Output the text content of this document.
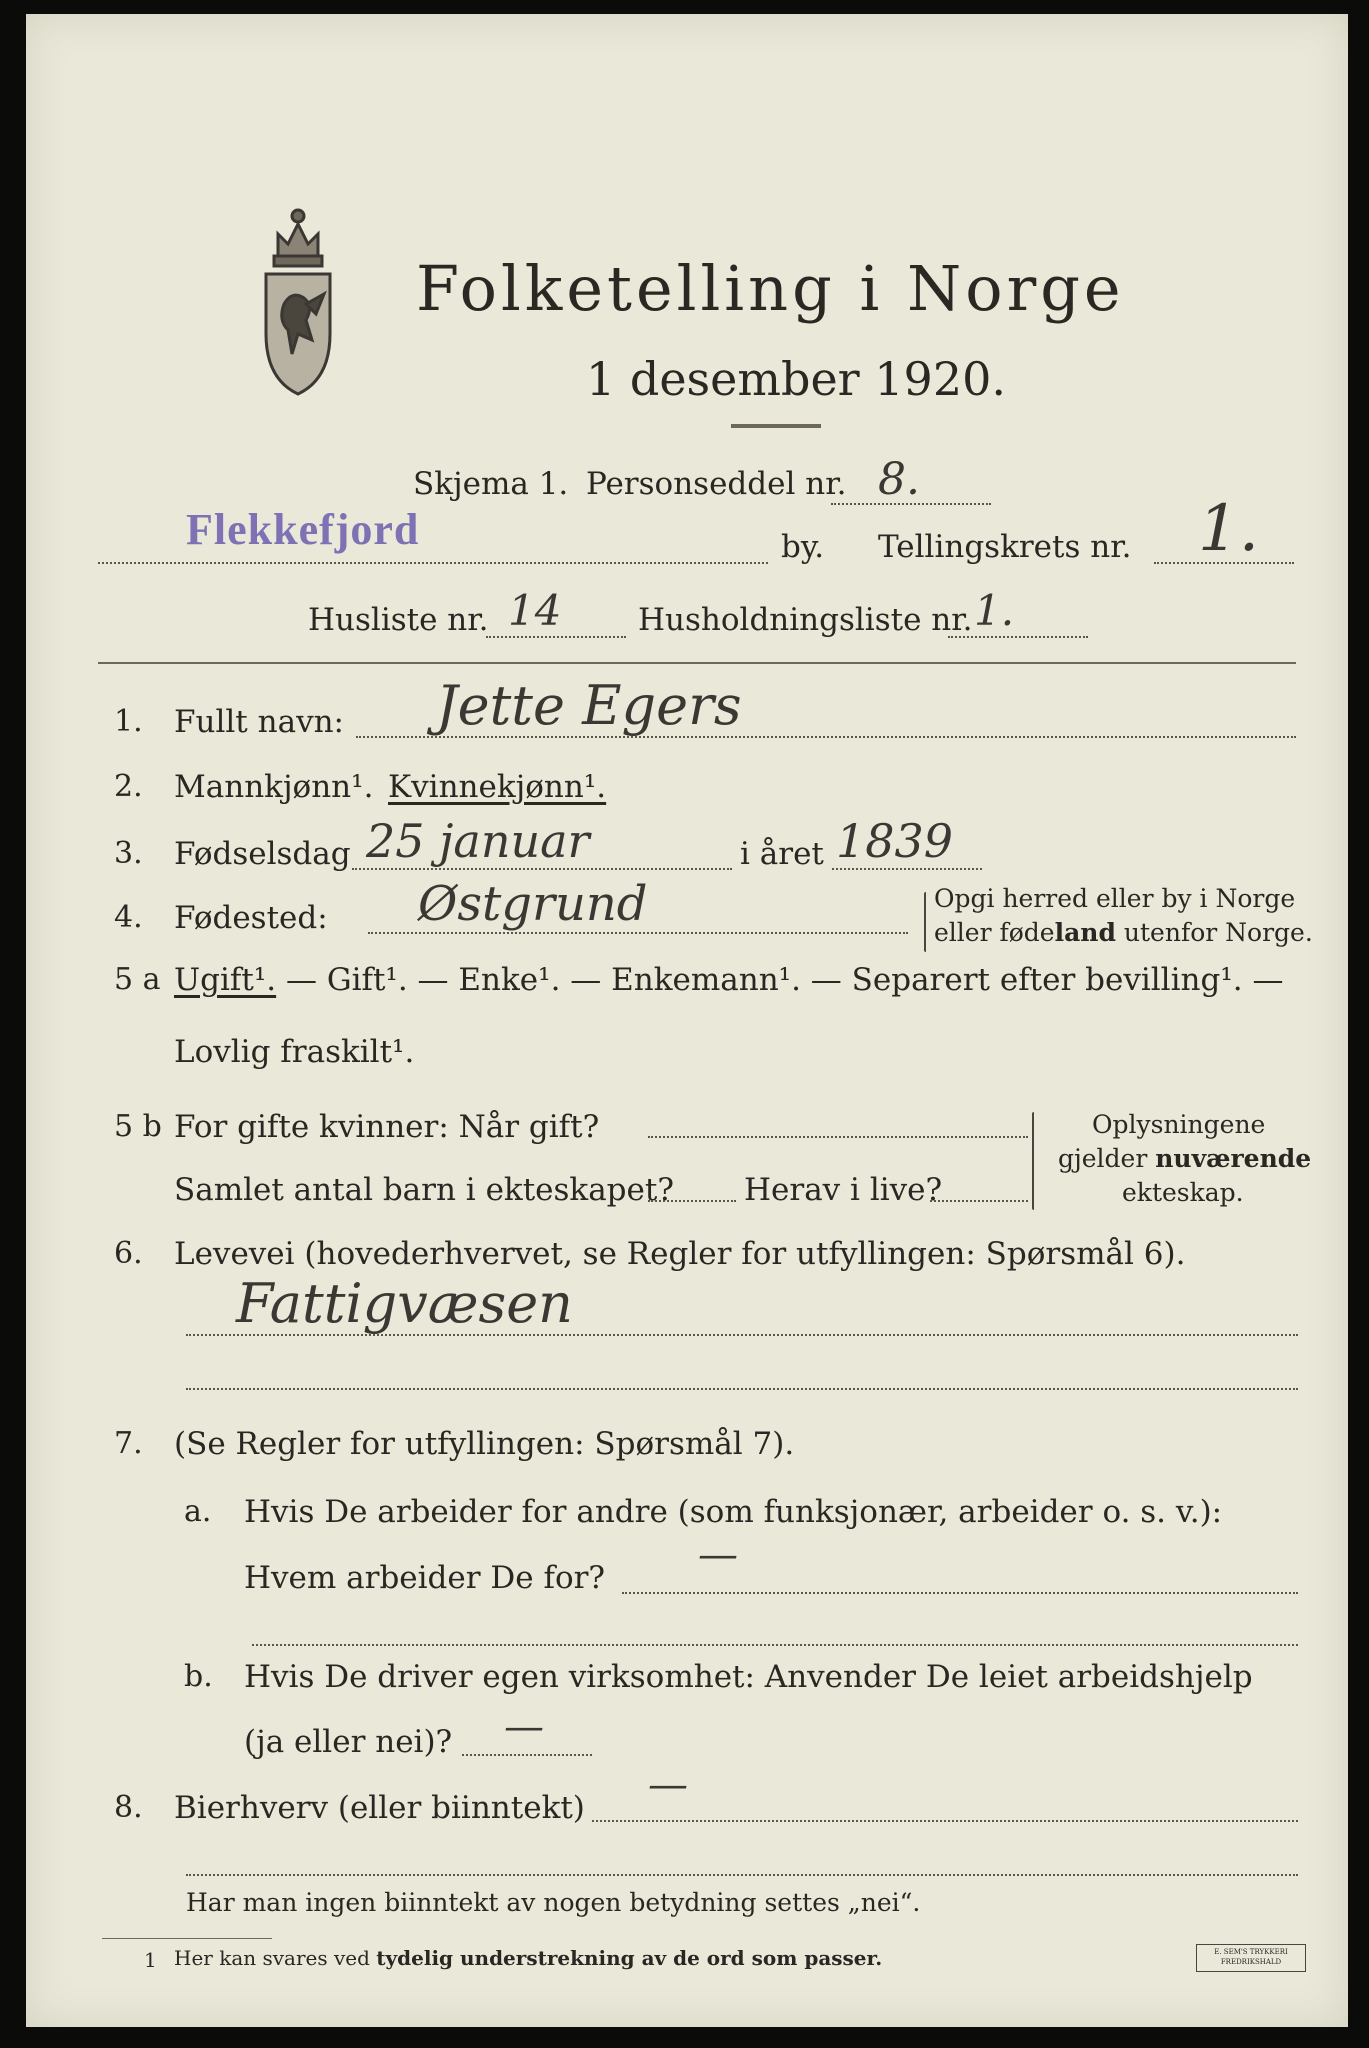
Folketelling i Norge
1 desember 1920.
Skjema 1. Personseddel nr. 8.
Flekkefjord	by. Tellingskrets nr. 1.
Husliste nr. 14 Husholdningsliste nr. 1.
1. Fullt navn: Jette Egers
2. Mannkjønn¹. Kvinnekjønn¹.
3. Fødselsdag 25 januar	i året 1839
4. Fødested: Østgrund	Opgi herred eller by i Norge
eller fødeland utenfor Norge.
5 a Ugift¹. — Gift¹. — Enke¹. — Enkemann¹. — Separert efter bevilling¹. —
Lovlig fraskilt¹.
5 b For gifte kvinner: Når gift?
Samlet antal barn i ekteskapet? Herav i live?
Oplysningene
gjelder nuværende
ekteskap.
6. Levevei (hovederhvervet, se Regler for utfyllingen: Spørsmål 6).
Fattigvæsen
7. (Se Regler for utfyllingen: Spørsmål 7).
a. Hvis De arbeider for andre (som funksjonær, arbeider o. s. v.):
Hvem arbeider De for? —
b. Hvis De driver egen virksomhet: Anvender De leiet arbeidshjelp
(ja eller nei)? —
8. Bierhverv (eller biinntekt) —
Har man ingen biinntekt av nogen betydning settes „nei“.
1 Her kan svares ved tydelig understrekning av de ord som passer.	E. SEM'S TRYKKERI
FREDRIKSHALD
